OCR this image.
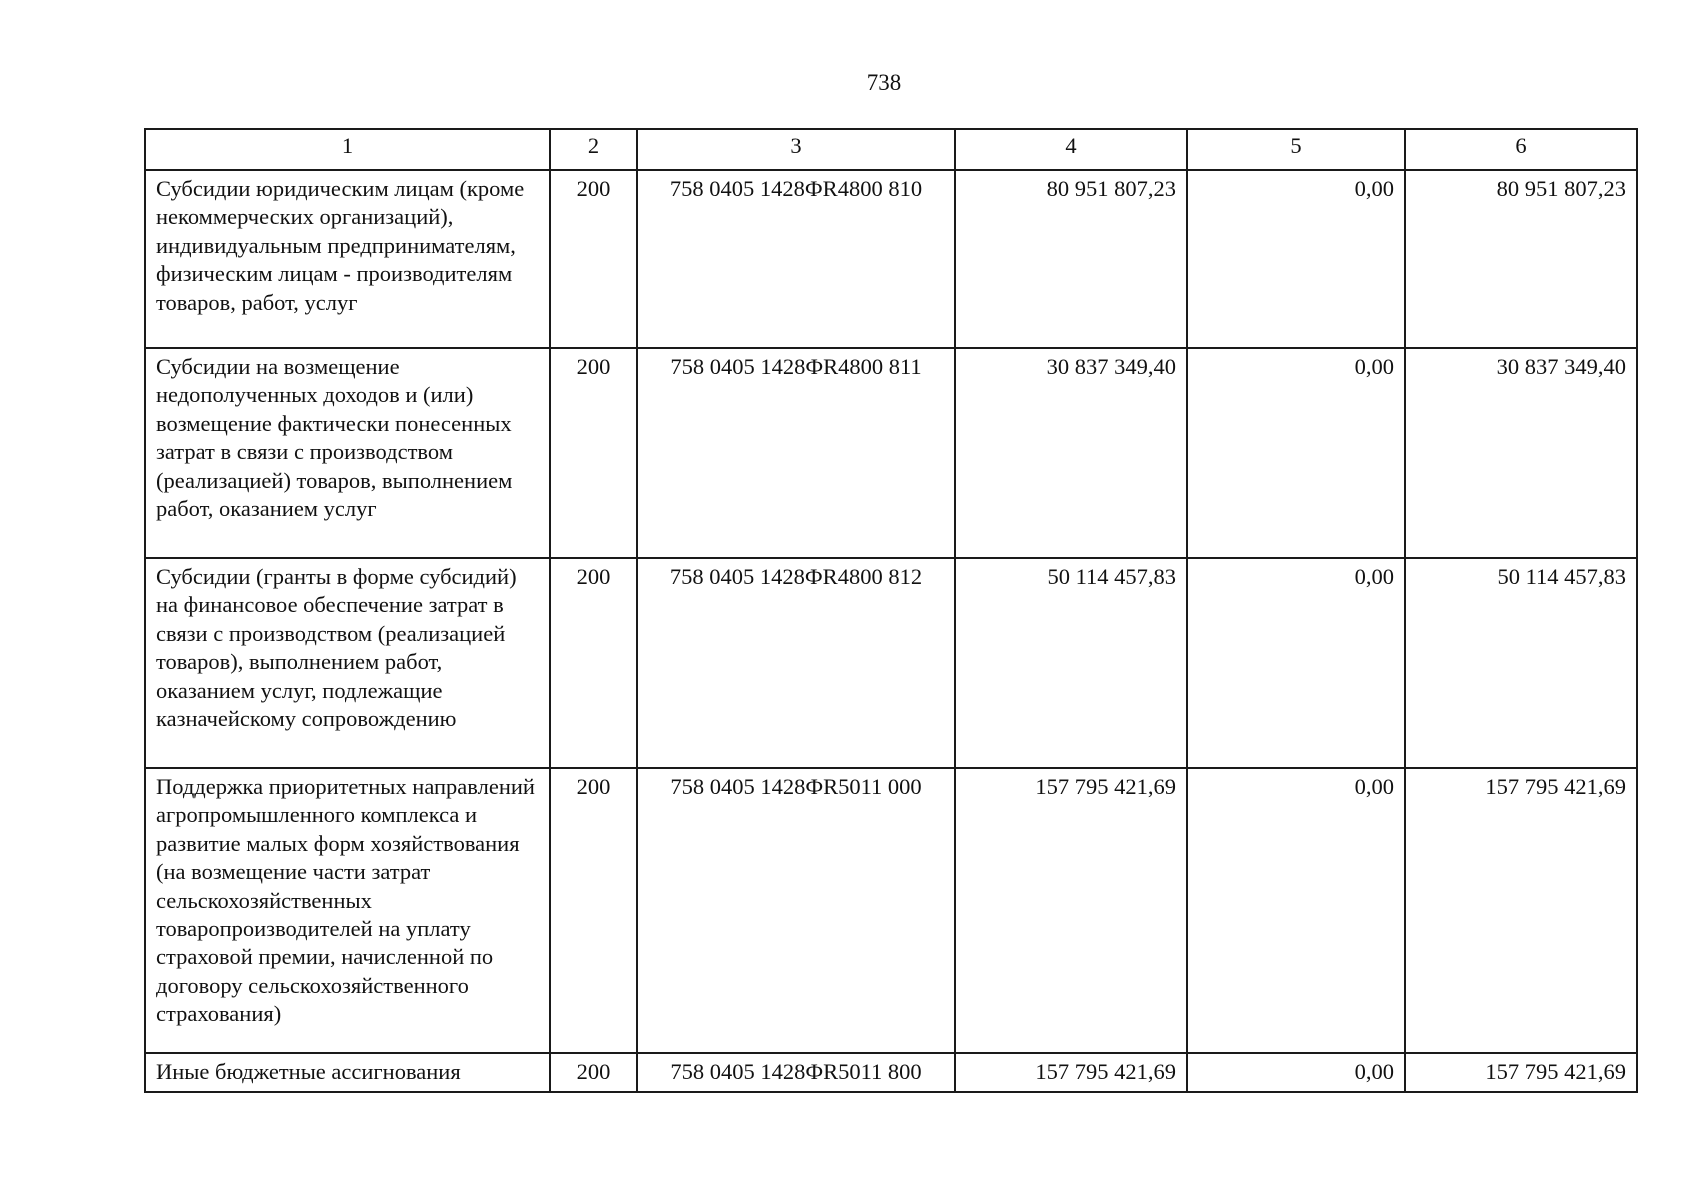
738
1	2	3	4	5	6
Субсидии юридическим лицам (кроме некоммерческих организаций), индивидуальным предпринимателям, физическим лицам - производителям товаров, работ, услуг	200	758 0405 1428ФR4800 810	80 951 807,23	0,00	80 951 807,23
Субсидии на возмещение недополученных доходов и (или) возмещение фактически понесенных затрат в связи с производством (реализацией) товаров, выполнением работ, оказанием услуг	200	758 0405 1428ФR4800 811	30 837 349,40	0,00	30 837 349,40
Субсидии (гранты в форме субсидий) на финансовое обеспечение затрат в связи с производством (реализацией товаров), выполнением работ, оказанием услуг, подлежащие казначейскому сопровождению	200	758 0405 1428ФR4800 812	50 114 457,83	0,00	50 114 457,83
Поддержка приоритетных направлений агропромышленного комплекса и развитие малых форм хозяйствования (на возмещение части затрат сельскохозяйственных товаропроизводителей на уплату страховой премии, начисленной по договору сельскохозяйственного страхования)	200	758 0405 1428ФR5011 000	157 795 421,69	0,00	157 795 421,69
Иные бюджетные ассигнования	200	758 0405 1428ФR5011 800	157 795 421,69	0,00	157 795 421,69
